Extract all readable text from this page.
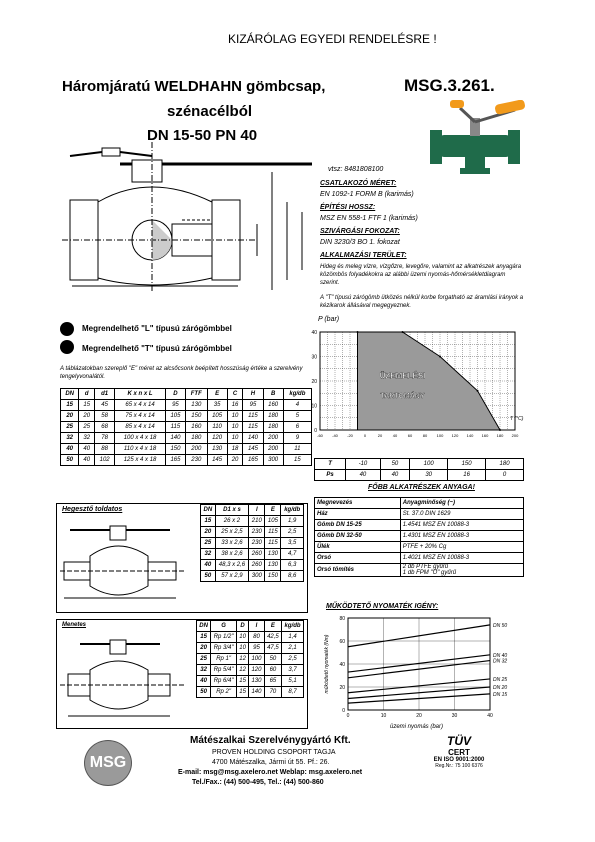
KIZÁRÓLAG EGYEDI RENDELÉSRE !
Háromjáratú WELDHAHN gömbcsap,
szénacélból
DN 15-50 PN 40
MSG.3.261.
vtsz: 8481808100
CSATLAKOZÓ MÉRET:
EN 1092-1 FORM B (karimás)
ÉPÍTÉSI HOSSZ:
MSZ EN 558-1 FTF 1 (karimás)
SZIVÁRGÁSI FOKOZAT:
DIN 3230/3 BO 1. fokozat
ALKALMAZÁSI TERÜLET:
Hideg és meleg vízre, vízgőzre, levegőre, valamint az alkatrészek anyagára közömbös folyadékokra az alábbi üzemi nyomás-hőmérsékletdiagram szerint.
A "T" típusú zárógömb ütközés nélkül korbe forgatható az áramlási irányok a kézikarok állásával megegyeznek.
Megrendelhető "L" típusú zárógömbbel
Megrendelhető "T" típusú zárógömbbel
A táblázatokban szereplő "E" méret az alcsőcsonk beépített hosszúság értéke a szerelvény tengelyvonalától.
DN	d	d1	K x n x L	D	FTF	E	C	H	B	kg/db
15	15	45	65 x 4 x 14	95	130	35	16	95	160	4
20	20	58	75 x 4 x 14	105	150	105	10	115	180	5
25	25	68	85 x 4 x 14	115	160	110	10	115	180	6
32	32	78	100 x 4 x 18	140	180	120	10	140	200	9
40	40	88	110 x 4 x 18	150	200	130	18	145	200	11
50	40	102	125 x 4 x 18	165	230	145	20	165	300	15
40
30
20
10
0
-60 -40 -20	0	20	40	60	80 100 120 140 160 180 200
ÜZEMELÉSI
TARTOMÁNY
P (bar)
T (°C)
T	-10	50	100	150	180
Ps	40	40	30	16	0
FŐBB ALKATRÉSZEK ANYAGA!
Megnevezés	Anyagminőség (~)
Ház	St. 37.0 DIN 1629
Gömb DN 15-25	1.4541 MSZ EN 10088-3
Gömb DN 32-50	1.4301 MSZ EN 10088-3
Ülék	PTFE + 20% Cg
Orsó	1.4021 MSZ EN 10088-3
Orsó tömítés	2 db PTFE gyűrű
1 db FPM "O" gyűrű
MŰKÖDTETŐ NYOMATÉK IGÉNY:
DN 50
DN 40
DN 32
DN 25
DN 20
DN 15
80
60
40
20
0
0	10	20	30	40
működtető nyomaték (Nm)
üzemi nyomás (bar)
Hegesztő toldatos	DN	D1 x s	l	E	kg/db
15	26 x 2	210	105	1,9
20	25 x 2,5	230	115	2,5
25	33 x 2,6	230	115	3,5
32	38 x 2,6	260	130	4,7
40	48,3 x 2,6	260	130	6,3
50	57 x 2,9	300	150	8,6
Menetes	DN	G	D	l	E	kg/db
15	Rp 1/2"	10	80	42,5	1,4
20	Rp 3/4"	10	95	47,5	2,1
25	Rp 1"	12	100	50	2,5
32	Rp 5/4"	12	120	60	3,7
40	Rp 6/4"	15	130	65	5,1
50	Rp 2"	15	140	70	8,7
MSG
Mátészalkai Szerelvénygyártó Kft.
PROVEN HOLDING CSOPORT TAGJA
4700 Mátészalka, Jármi út 55. Pf.: 26.
E-mail: msg@msg.axelero.net Weblap: msg.axelero.net
Tel./Fax.: (44) 500-495, Tel.: (44) 500-860
TÜV
CERT
EN ISO 9001:2000
Reg.Nr.: 75 100 6376
